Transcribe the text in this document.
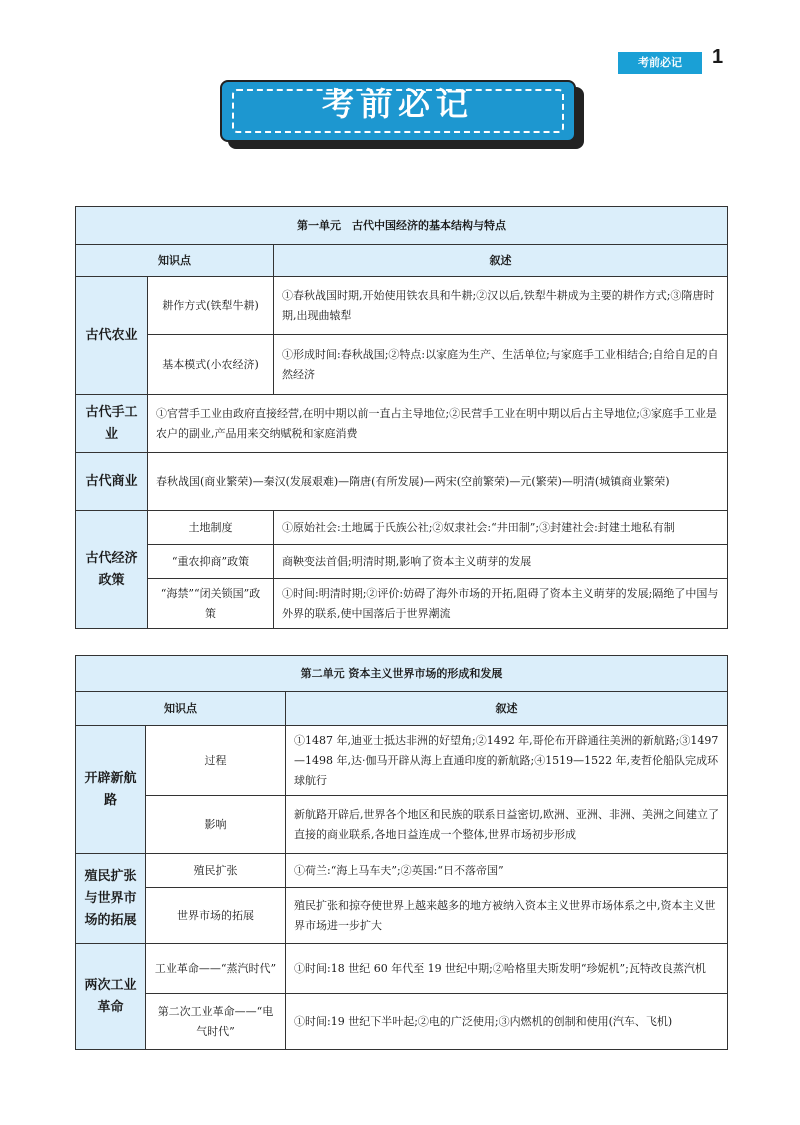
考前必记	1
考前必记
第一单元　古代中国经济的基本结构与特点		
知识点		叙述
古代农业	耕作方式(铁犁牛耕)	①春秋战国时期,开始使用铁农具和牛耕;②汉以后,铁犁牛耕成为主要的耕作方式;③隋唐时期,出现曲辕犁
	基本模式(小农经济)	①形成时间:春秋战国;②特点:以家庭为生产、生活单位;与家庭手工业相结合;自给自足的自然经济
古代手工业	①官营手工业由政府直接经营,在明中期以前一直占主导地位;②民营手工业在明中期以后占主导地位;③家庭手工业是农户的副业,产品用来交纳赋税和家庭消费	
古代商业	春秋战国(商业繁荣)—秦汉(发展艰难)—隋唐(有所发展)—两宋(空前繁荣)—元(繁荣)—明清(城镇商业繁荣)	
古代经济政策	土地制度	①原始社会:土地属于氏族公社;②奴隶社会:“井田制”;③封建社会:封建土地私有制
	“重农抑商”政策	商鞅变法首倡;明清时期,影响了资本主义萌芽的发展
	“海禁”“闭关锁国”政策	①时间:明清时期;②评价:妨碍了海外市场的开拓,阻碍了资本主义萌芽的发展;隔绝了中国与外界的联系,使中国落后于世界潮流
第二单元 资本主义世界市场的形成和发展		
知识点		叙述
开辟新航路	过程	①1487 年,迪亚士抵达非洲的好望角;②1492 年,哥伦布开辟通往美洲的新航路;③1497—1498 年,达·伽马开辟从海上直通印度的新航路;④1519—1522 年,麦哲伦船队完成环球航行
	影响	新航路开辟后,世界各个地区和民族的联系日益密切,欧洲、亚洲、非洲、美洲之间建立了直接的商业联系,各地日益连成一个整体,世界市场初步形成
殖民扩张与世界市场的拓展	殖民扩张	①荷兰:“海上马车夫”;②英国:“日不落帝国”
	世界市场的拓展	殖民扩张和掠夺使世界上越来越多的地方被纳入资本主义世界市场体系之中,资本主义世界市场进一步扩大
两次工业革命	工业革命——“蒸汽时代”	①时间:18 世纪 60 年代至 19 世纪中期;②哈格里夫斯发明“珍妮机”;瓦特改良蒸汽机
	第二次工业革命——“电气时代”	①时间:19 世纪下半叶起;②电的广泛使用;③内燃机的创制和使用(汽车、飞机)
